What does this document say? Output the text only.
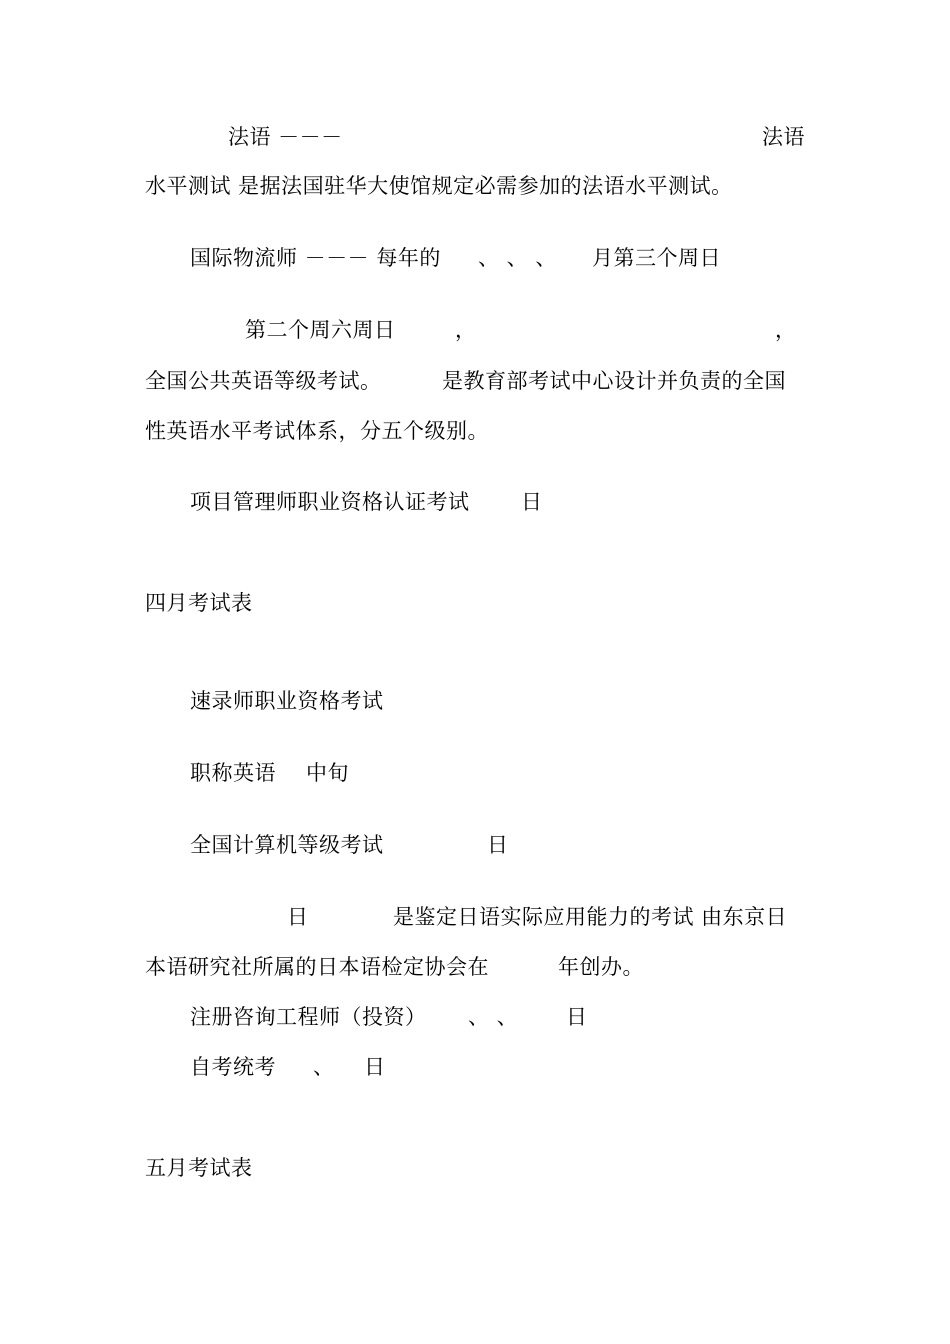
法语 －－－	法语
水平测试 是据法国驻华大使馆规定必需参加的法语水平测试。
国际物流师 －－－ 每年的 、 、 、 月第三个周日
第二个周六周日	，	，
全国公共英语等级考试。	是教育部考试中心设计并负责的全国
性英语水平考试体系，分五个级别。
项目管理师职业资格认证考试 日
四月考试表
速录师职业资格考试
职称英语 中旬
全国计算机等级考试	日
日	是鉴定日语实际应用能力的考试 由东京日
本语研究社所属的日本语检定协会在	年创办。
注册咨询工程师（投资） 、 、 日
自考统考 、 日
五月考试表
